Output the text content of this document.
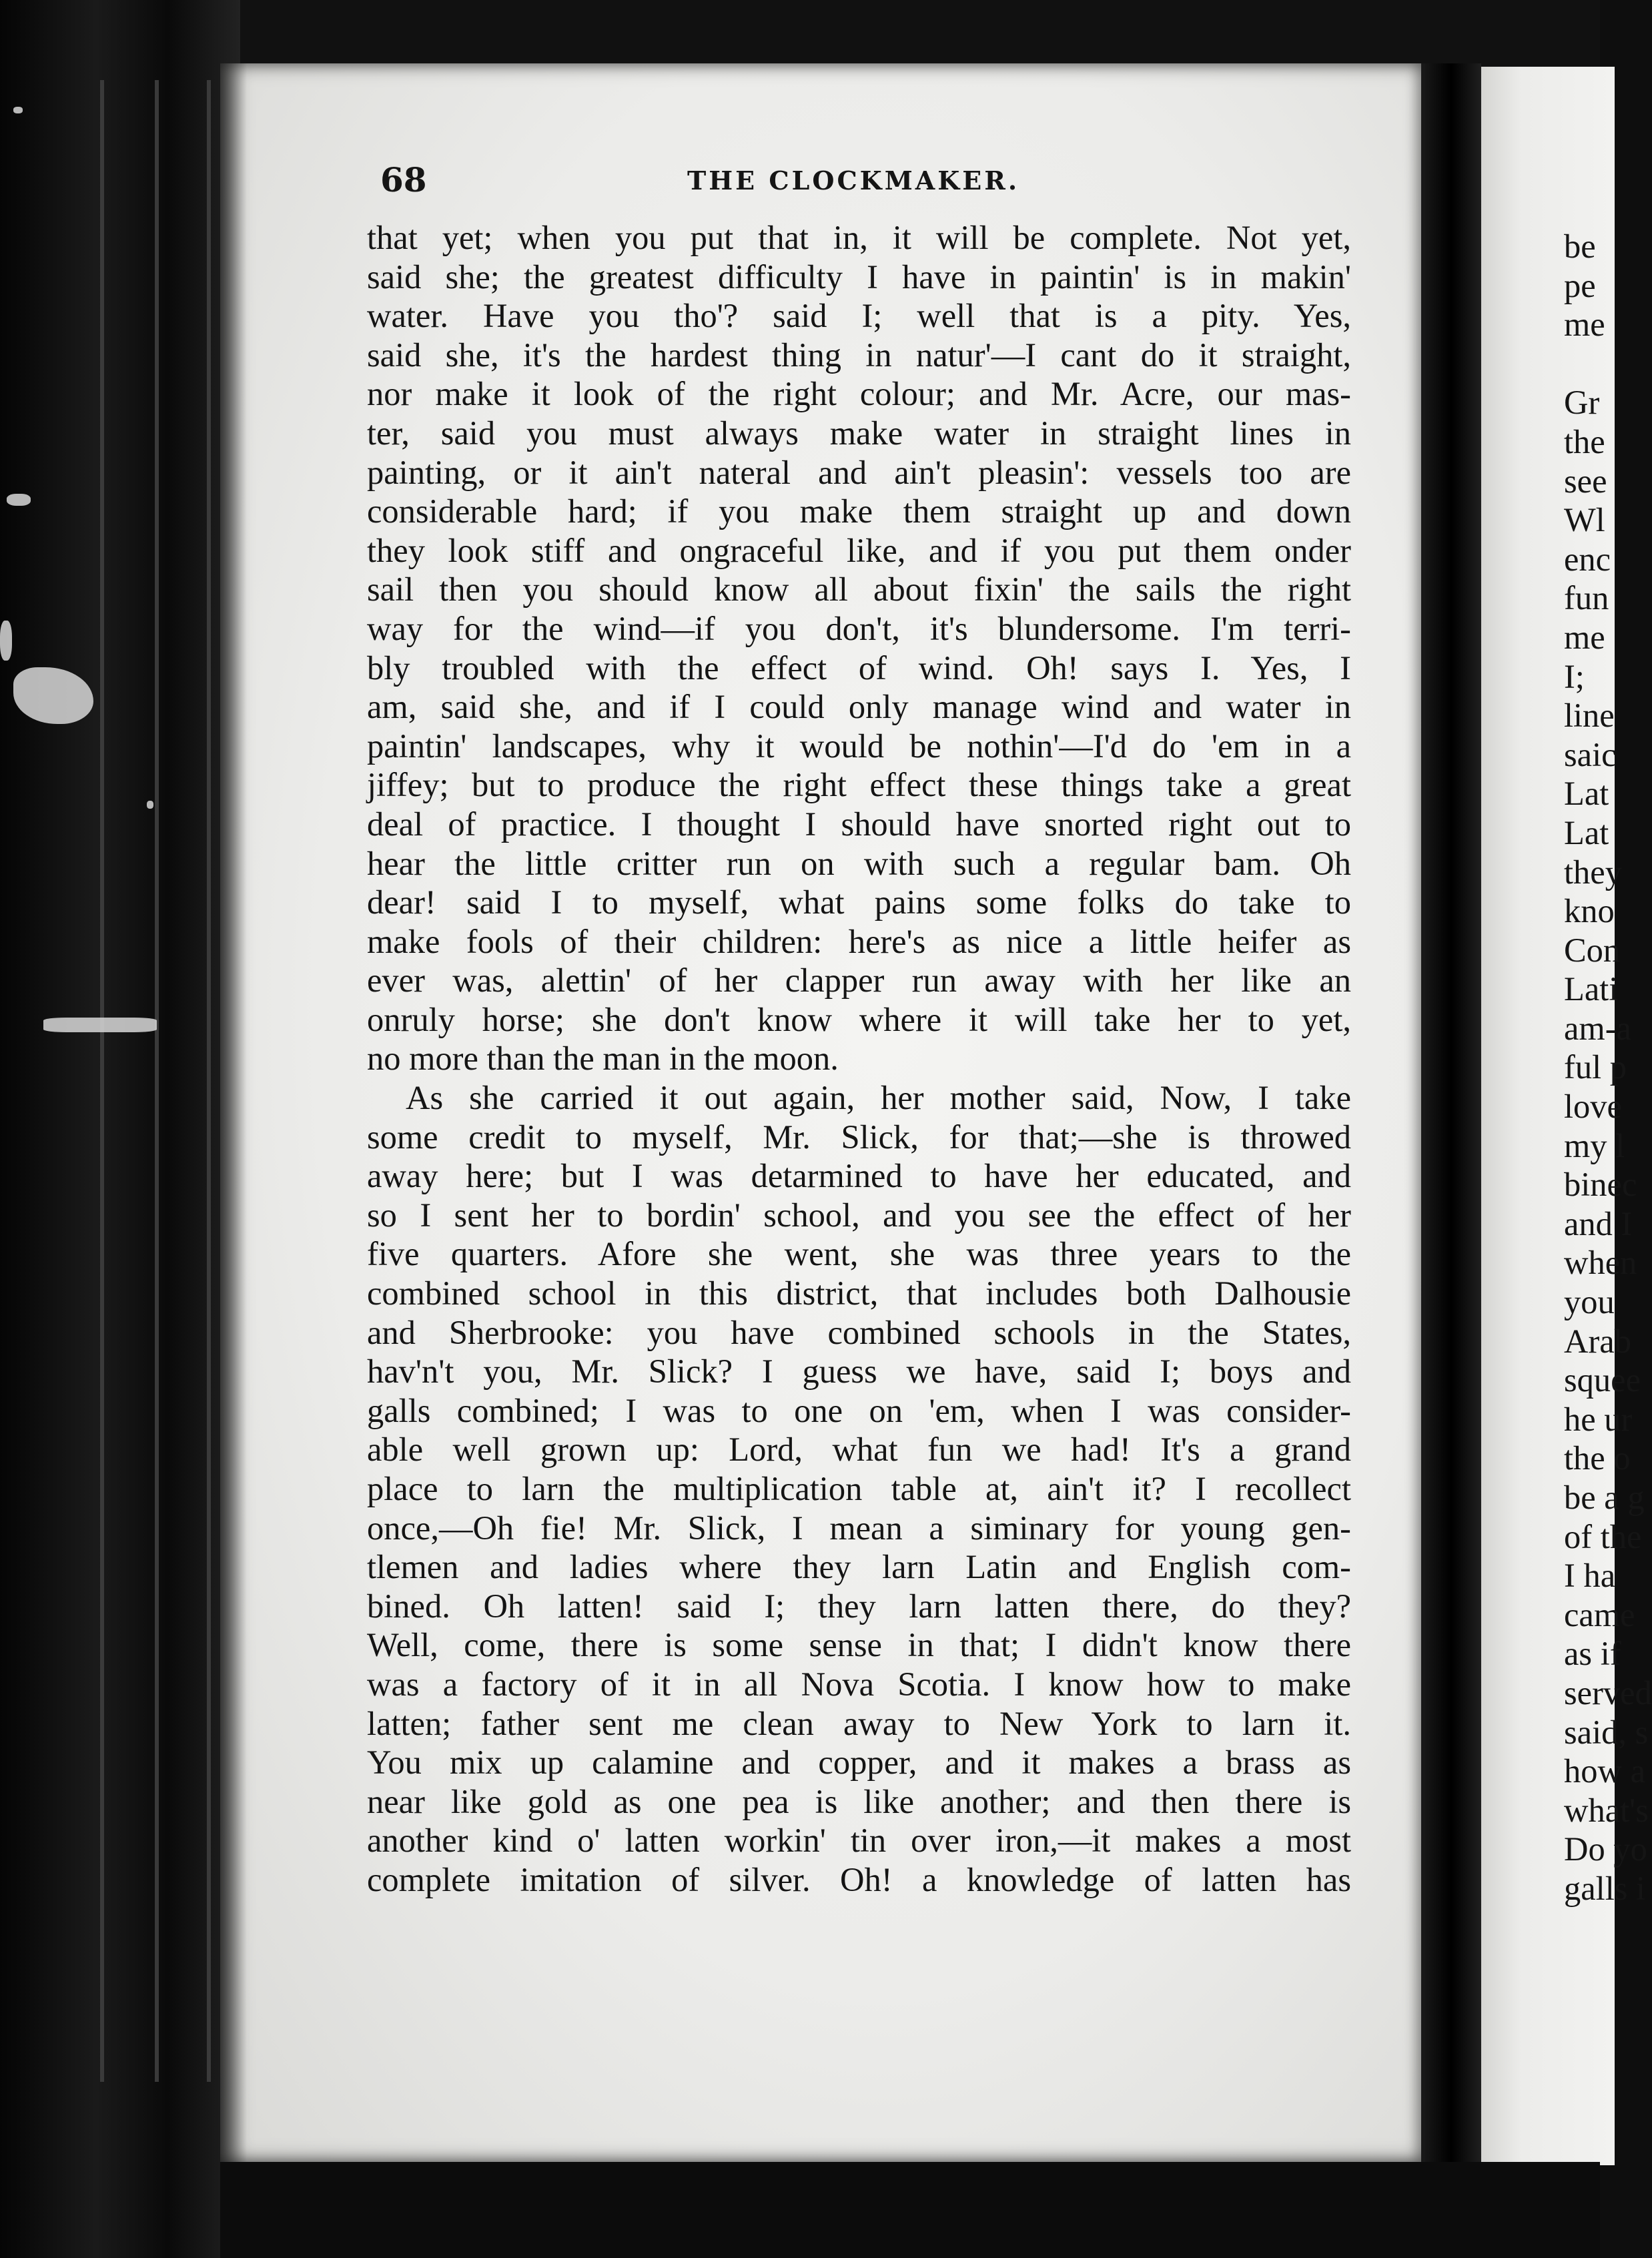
68	THE CLOCKMAKER.
that yet; when you put that in, it will be complete. Not yet,
said she; the greatest difficulty I have in paintin' is in makin'
water. Have you tho'? said I; well that is a pity. Yes,
said she, it's the hardest thing in natur'—I cant do it straight,
nor make it look of the right colour; and Mr. Acre, our mas-
ter, said you must always make water in straight lines in
painting, or it ain't nateral and ain't pleasin': vessels too are
considerable hard; if you make them straight up and down
they look stiff and ongraceful like, and if you put them onder
sail then you should know all about fixin' the sails the right
way for the wind—if you don't, it's blundersome. I'm terri-
bly troubled with the effect of wind. Oh! says I. Yes, I
am, said she, and if I could only manage wind and water in
paintin' landscapes, why it would be nothin'—I'd do 'em in a
jiffey; but to produce the right effect these things take a great
deal of practice. I thought I should have snorted right out to
hear the little critter run on with such a regular bam. Oh
dear! said I to myself, what pains some folks do take to
make fools of their children: here's as nice a little heifer as
ever was, alettin' of her clapper run away with her like an
onruly horse; she don't know where it will take her to yet,
no more than the man in the moon.
As she carried it out again, her mother said, Now, I take
some credit to myself, Mr. Slick, for that;—she is throwed
away here; but I was detarmined to have her educated, and
so I sent her to bordin' school, and you see the effect of her
five quarters. Afore she went, she was three years to the
combined school in this district, that includes both Dalhousie
and Sherbrooke: you have combined schools in the States,
hav'n't you, Mr. Slick? I guess we have, said I; boys and
galls combined; I was to one on 'em, when I was consider-
able well grown up: Lord, what fun we had! It's a grand
place to larn the multiplication table at, ain't it? I recollect
once,—Oh fie! Mr. Slick, I mean a siminary for young gen-
tlemen and ladies where they larn Latin and English com-
bined. Oh latten! said I; they larn latten there, do they?
Well, come, there is some sense in that; I didn't know there
was a factory of it in all Nova Scotia. I know how to make
latten; father sent me clean away to New York to larn it.
You mix up calamine and copper, and it makes a brass as
near like gold as one pea is like another; and then there is
another kind o' latten workin' tin over iron,—it makes a most
complete imitation of silver. Oh! a knowledge of latten has
be
pe
me
Gr
the
see
Wl
enc
fun
me
I;
line
saic
Lat
Lat
they
kno
Con
Lati
am-a
ful p
love
my l
binec
and I
when
you
Arab
squee
he ur
the o
be a g
of the
I ha
came
as if
served
said, s
how a
what's
Do yo
galls i
